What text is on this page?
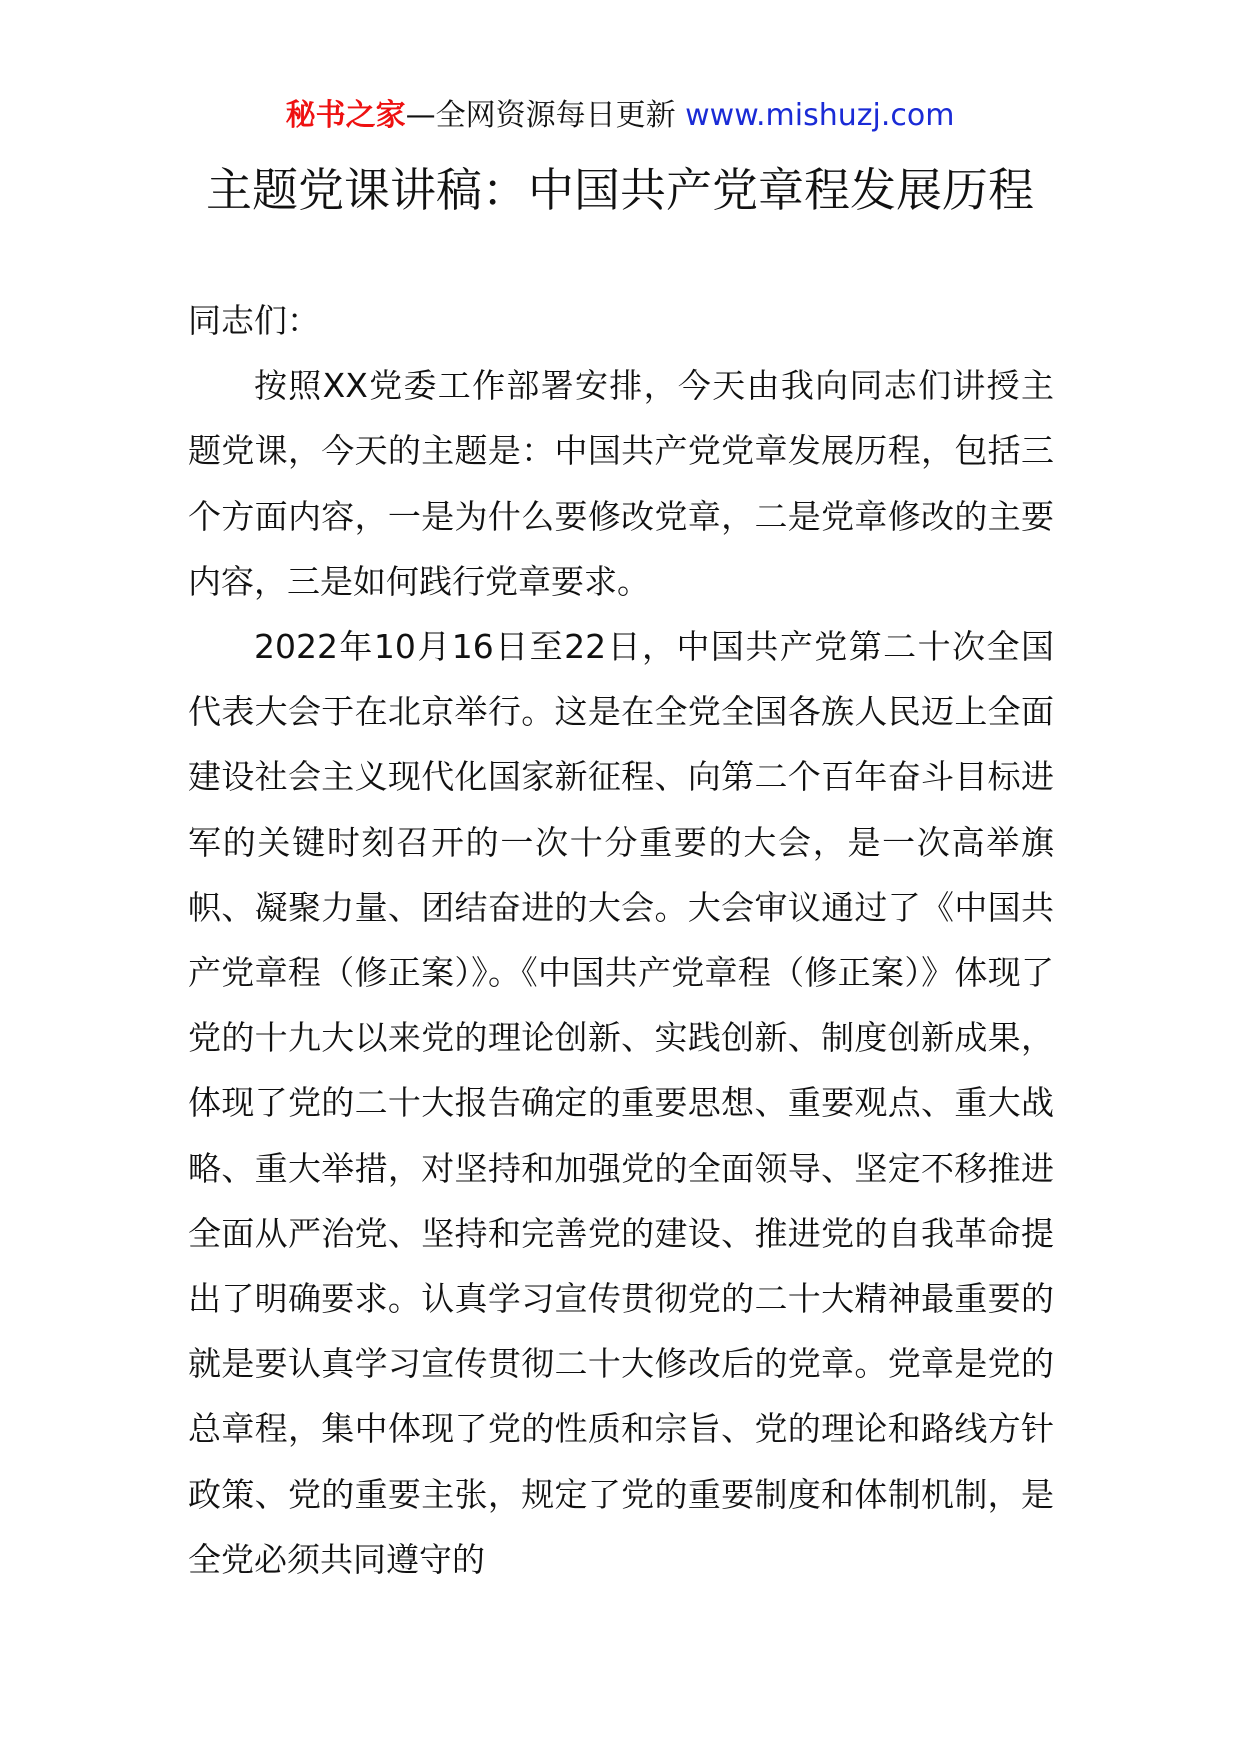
秘书之家—全网资源每日更新 www.mishuzj.com
主题党课讲稿：中国共产党章程发展历程

同志们：

按照XX党委工作部署安排，今天由我向同志们讲授主题党课，今天的主题是：中国共产党党章发展历程，包括三个方面内容，一是为什么要修改党章，二是党章修改的主要内容，三是如何践行党章要求。

2022年10月16日至22日，中国共产党第二十次全国代表大会于在北京举行。这是在全党全国各族人民迈上全面建设社会主义现代化国家新征程、向第二个百年奋斗目标进军的关键时刻召开的一次十分重要的大会，是一次高举旗帜、凝聚力量、团结奋进的大会。大会审议通过了《中国共产党章程（修正案）》。《中国共产党章程（修正案）》体现了党的十九大以来党的理论创新、实践创新、制度创新成果，体现了党的二十大报告确定的重要思想、重要观点、重大战略、重大举措，对坚持和加强党的全面领导、坚定不移推进全面从严治党、坚持和完善党的建设、推进党的自我革命提出了明确要求。认真学习宣传贯彻党的二十大精神最重要的就是要认真学习宣传贯彻二十大修改后的党章。党章是党的总章程，集中体现了党的性质和宗旨、党的理论和路线方针政策、党的重要主张，规定了党的重要制度和体制机制，是全党必须共同遵守的
